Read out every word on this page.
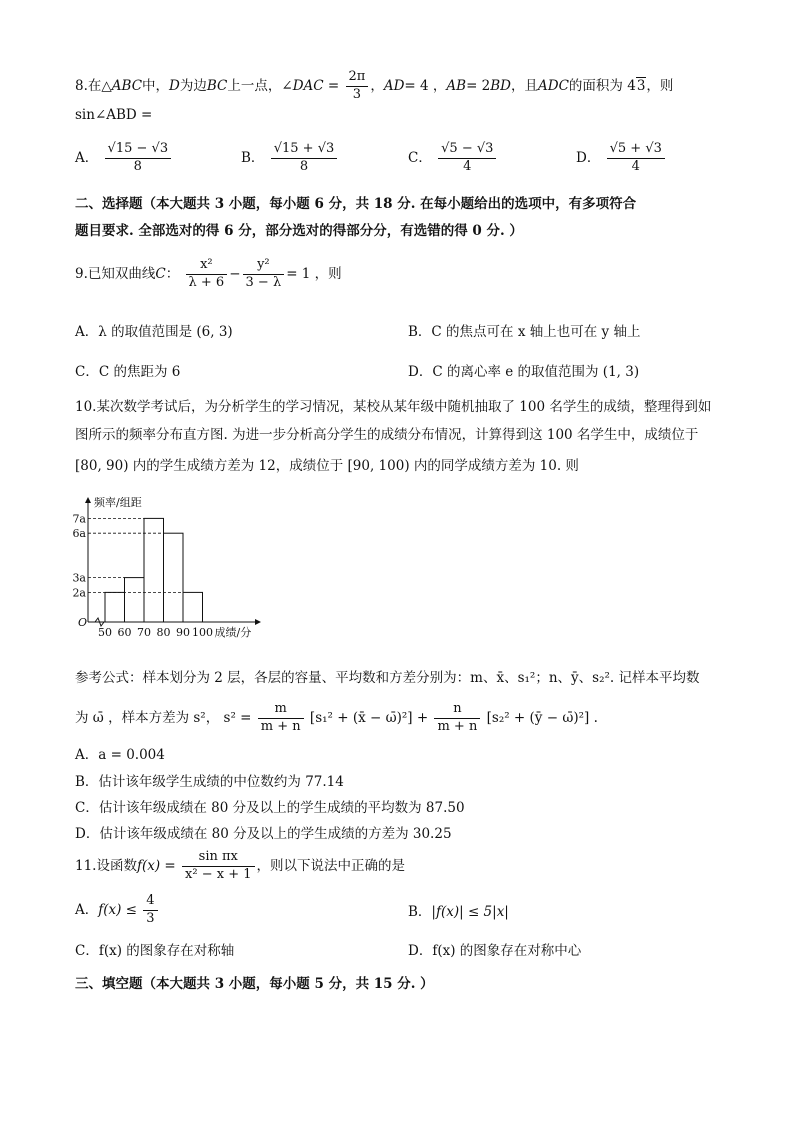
8.在△ABC中，D为边BC上一点，∠DAC = $\frac{2\pi}{3}$ ，AD= 4 ，AB= 2BD，且ADC的面积为 43，则
sin∠ABD =
A． $\frac{√15 - √3}{8}$	B． $\frac{√15 + √3}{8}$	C． $\frac{√5 - √3}{4}$	D． $\frac{√5 + √3}{4}$
二、选择题（本大题共 3 小题，每小题 6 分，共 18 分. 在每小题给出的选项中，有多项符合
题目要求. 全部选对的得 6 分，部分选对的得部分分，有选错的得 0 分. ）
9.已知双曲线C： $\frac{\text{x²}}{\lambda + 6} - \frac{\text{y²}}{3 - \lambda} = 1$ ，则
A．λ 的取值范围是 (6, 3)	B．C 的焦点可在 x 轴上也可在 y 轴上
C．C 的焦距为 6	D．C 的离心率 e 的取值范围为 (1, 3)
10.某次数学考试后，为分析学生的学习情况，某校从某年级中随机抽取了 100 名学生的成绩，整理得到如
图所示的频率分布直方图. 为进一步分析高分学生的成绩分布情况，计算得到这 100 名学生中，成绩位于
[80, 90) 内的学生成绩方差为 12，成绩位于 [90, 100) 内的同学成绩方差为 10. 则
频率/组距
O
2a
3a
6a
7a
50 60 70 80 90 100 成绩/分
参考公式：样本划分为 2 层，各层的容量、平均数和方差分别为：m、x̄、s₁²；n、ȳ、s₂². 记样本平均数
为 ω̄ ，样本方差为 s²， $s^2 = \frac{m}{m + n} [s_1^2$ + (x̄ − ω̄)²] + $\frac{n}{m + n} [s_2^2$ + (ȳ − ω̄)²] .
A．a = 0.004
B．估计该年级学生成绩的中位数约为 77.14
C．估计该年级成绩在 80 分及以上的学生成绩的平均数为 87.50
D．估计该年级成绩在 80 分及以上的学生成绩的方差为 30.25
11.设函数$f(x) = \frac{\text{sin πx}}{\text{x² − x + 1}}$ ，则以下说法中正确的是
A．$f(x) \le \frac{4}{3}$	B．|f(x)| ≤ 5|x|
C．f(x) 的图象存在对称轴	D．f(x) 的图象存在对称中心
三、填空题（本大题共 3 小题，每小题 5 分，共 15 分. ）
